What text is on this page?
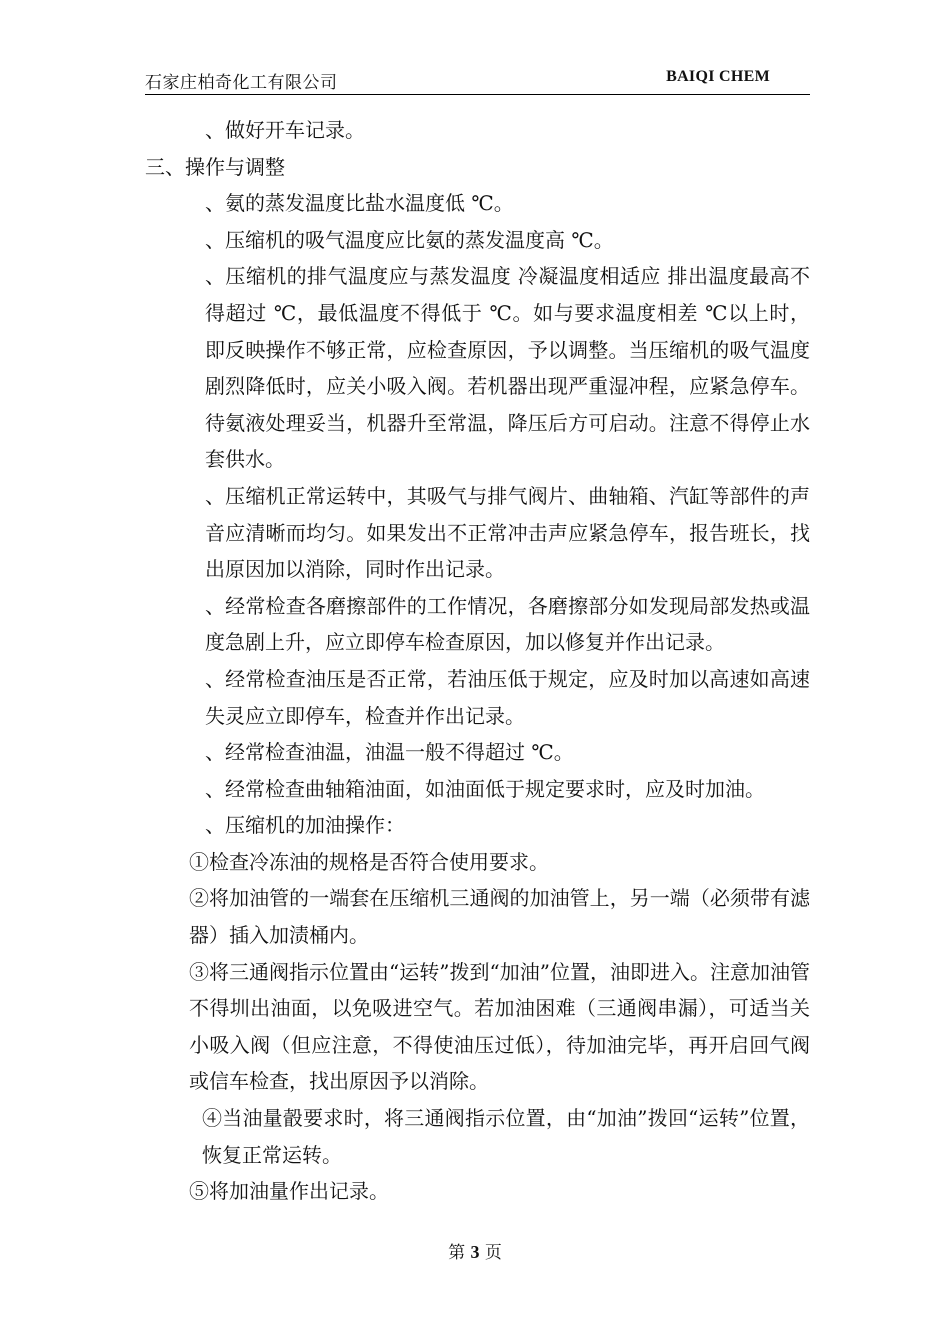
石家庄柏奇化工有限公司	BAIQI CHEM

、做好开车记录。

三、操作与调整

、氨的蒸发温度比盐水温度低 ℃。

、压缩机的吸气温度应比氨的蒸发温度高 ℃。

、压缩机的排气温度应与蒸发温度 冷凝温度相适应 排出温度最高不得超过 ℃，最低温度不得低于 ℃。如与要求温度相差 ℃以上时，即反映操作不够正常，应检查原因，予以调整。当压缩机的吸气温度剧烈降低时，应关小吸入阀。若机器出现严重湿冲程，应紧急停车。待氨液处理妥当，机器升至常温，降压后方可启动。注意不得停止水套供水。

、压缩机正常运转中，其吸气与排气阀片、曲轴箱、汽缸等部件的声音应清晰而均匀。如果发出不正常冲击声应紧急停车，报告班长，找出原因加以消除，同时作出记录。

、经常检查各磨擦部件的工作情况，各磨擦部分如发现局部发热或温度急剧上升，应立即停车检查原因，加以修复并作出记录。

、经常检查油压是否正常，若油压低于规定，应及时加以高速如高速失灵应立即停车，检查并作出记录。

、经常检查油温，油温一般不得超过 ℃。

、经常检查曲轴箱油面，如油面低于规定要求时，应及时加油。

、压缩机的加油操作：

①检查冷冻油的规格是否符合使用要求。

②将加油管的一端套在压缩机三通阀的加油管上，另一端（必须带有滤器）插入加渍桶内。

③将三通阀指示位置由“运转”拨到“加油”位置，油即进入。注意加油管不得圳出油面，以免吸进空气。若加油困难（三通阀串漏），可适当关小吸入阀（但应注意，不得使油压过低），待加油完毕，再开启回气阀或信车检查，找出原因予以消除。

④当油量瞉要求时，将三通阀指示位置，由“加油”拨回“运转”位置，恢复正常运转。

⑤将加油量作出记录。

第 3 页
